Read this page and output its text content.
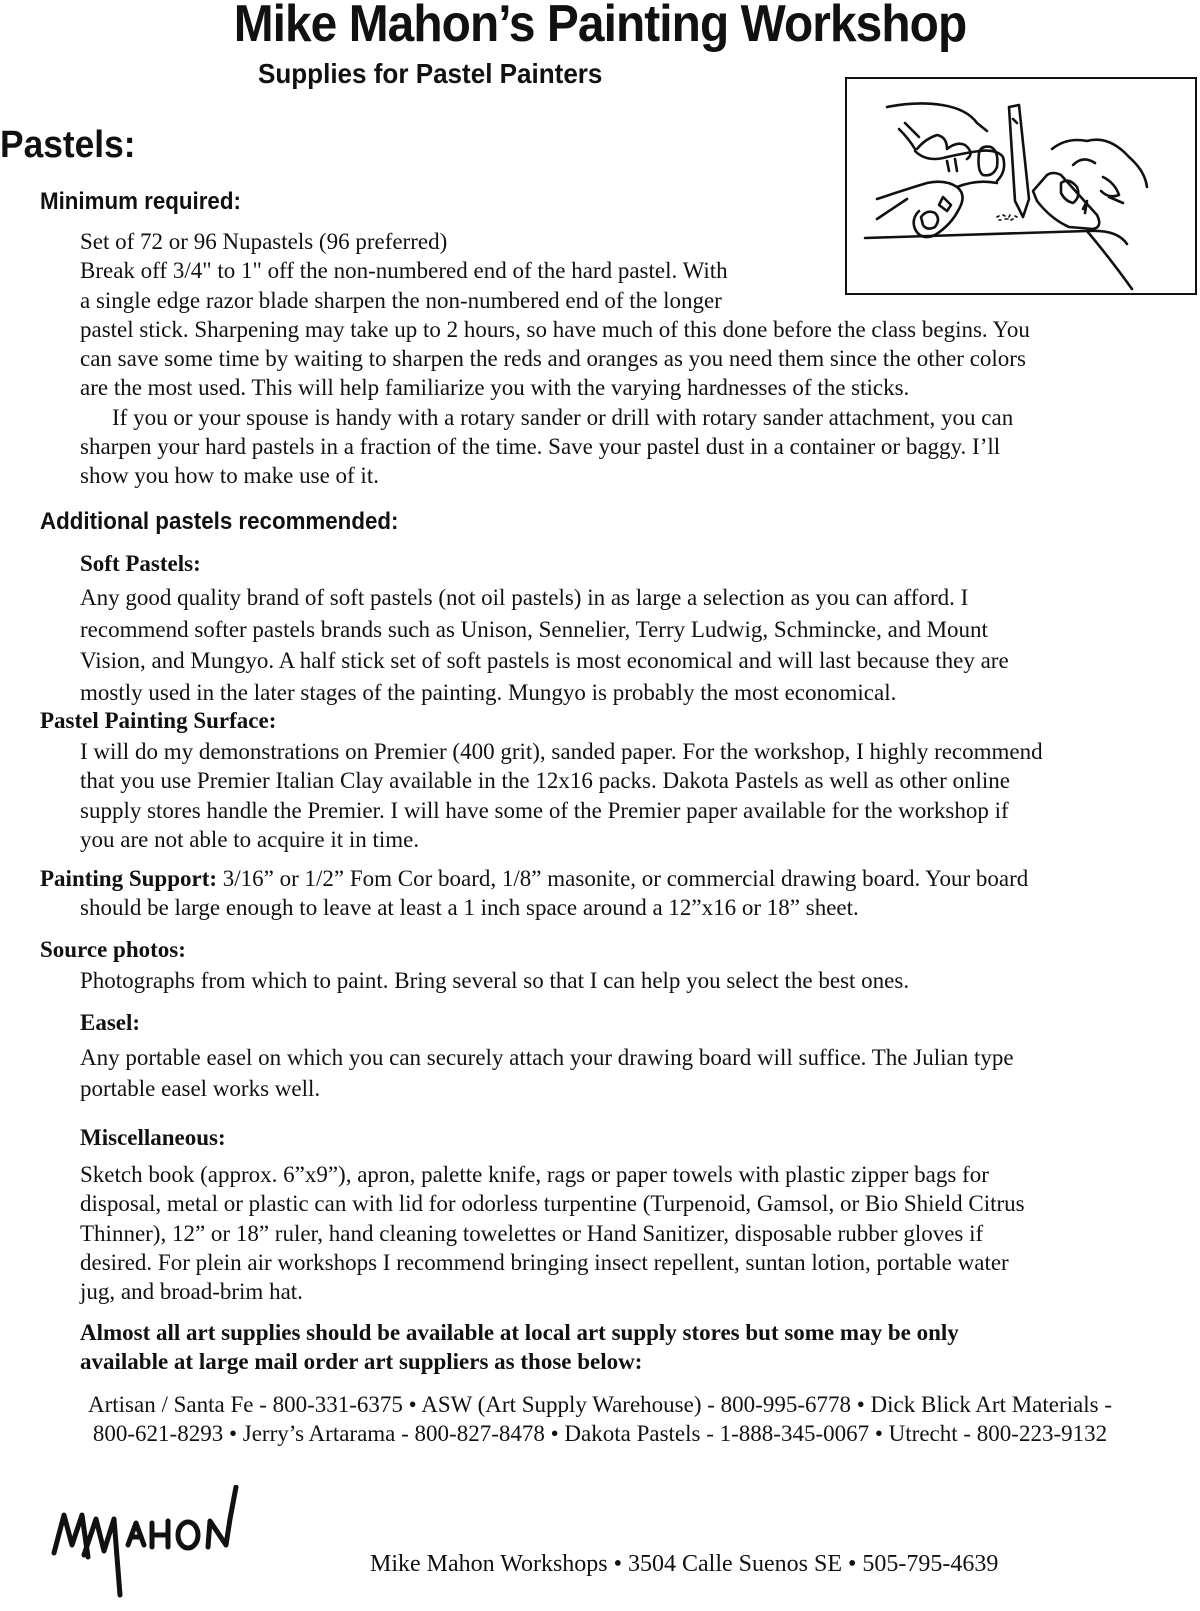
Mike Mahon’s Painting Workshop
Supplies for Pastel Painters
Pastels:
Minimum required:
Set of 72 or 96 Nupastels (96 preferred)
Break off 3/4" to 1" off the non-numbered end of the hard pastel. With
a single edge razor blade sharpen the non-numbered end of the longer
pastel stick. Sharpening may take up to 2 hours, so have much of this done before the class begins. You
can save some time by waiting to sharpen the reds and oranges as you need them since the other colors
are the most used. This will help familiarize you with the varying hardnesses of the sticks.
If you or your spouse is handy with a rotary sander or drill with rotary sander attachment, you can
sharpen your hard pastels in a fraction of the time. Save your pastel dust in a container or baggy. I’ll
show you how to make use of it.
Additional pastels recommended:
Soft Pastels:
Any good quality brand of soft pastels (not oil pastels) in as large a selection as you can afford. I
recommend softer pastels brands such as Unison, Sennelier, Terry Ludwig, Schmincke, and Mount
Vision, and Mungyo. A half stick set of soft pastels is most economical and will last because they are
mostly used in the later stages of the painting. Mungyo is probably the most economical.
Pastel Painting Surface:
I will do my demonstrations on Premier (400 grit), sanded paper. For the workshop, I highly recommend
that you use Premier Italian Clay available in the 12x16 packs. Dakota Pastels as well as other online
supply stores handle the Premier. I will have some of the Premier paper available for the workshop if
you are not able to acquire it in time.
Painting Support: 3/16” or 1/2” Fom Cor board, 1/8” masonite, or commercial drawing board. Your board
should be large enough to leave at least a 1 inch space around a 12”x16 or 18” sheet.
Source photos:
Photographs from which to paint. Bring several so that I can help you select the best ones.
Easel:
Any portable easel on which you can securely attach your drawing board will suffice. The Julian type
portable easel works well.
Miscellaneous:
Sketch book (approx. 6”x9”), apron, palette knife, rags or paper towels with plastic zipper bags for
disposal, metal or plastic can with lid for odorless turpentine (Turpenoid, Gamsol, or Bio Shield Citrus
Thinner), 12” or 18” ruler, hand cleaning towelettes or Hand Sanitizer, disposable rubber gloves if
desired. For plein air workshops I recommend bringing insect repellent, suntan lotion, portable water
jug, and broad-brim hat.
Almost all art supplies should be available at local art supply stores but some may be only
available at large mail order art suppliers as those below:
Artisan / Santa Fe - 800-331-6375 • ASW (Art Supply Warehouse) - 800-995-6778 • Dick Blick Art Materials -
800-621-8293 • Jerry’s Artarama - 800-827-8478 • Dakota Pastels - 1-888-345-0067 • Utrecht - 800-223-9132
Mike Mahon Workshops • 3504 Calle Suenos SE • 505-795-4639
